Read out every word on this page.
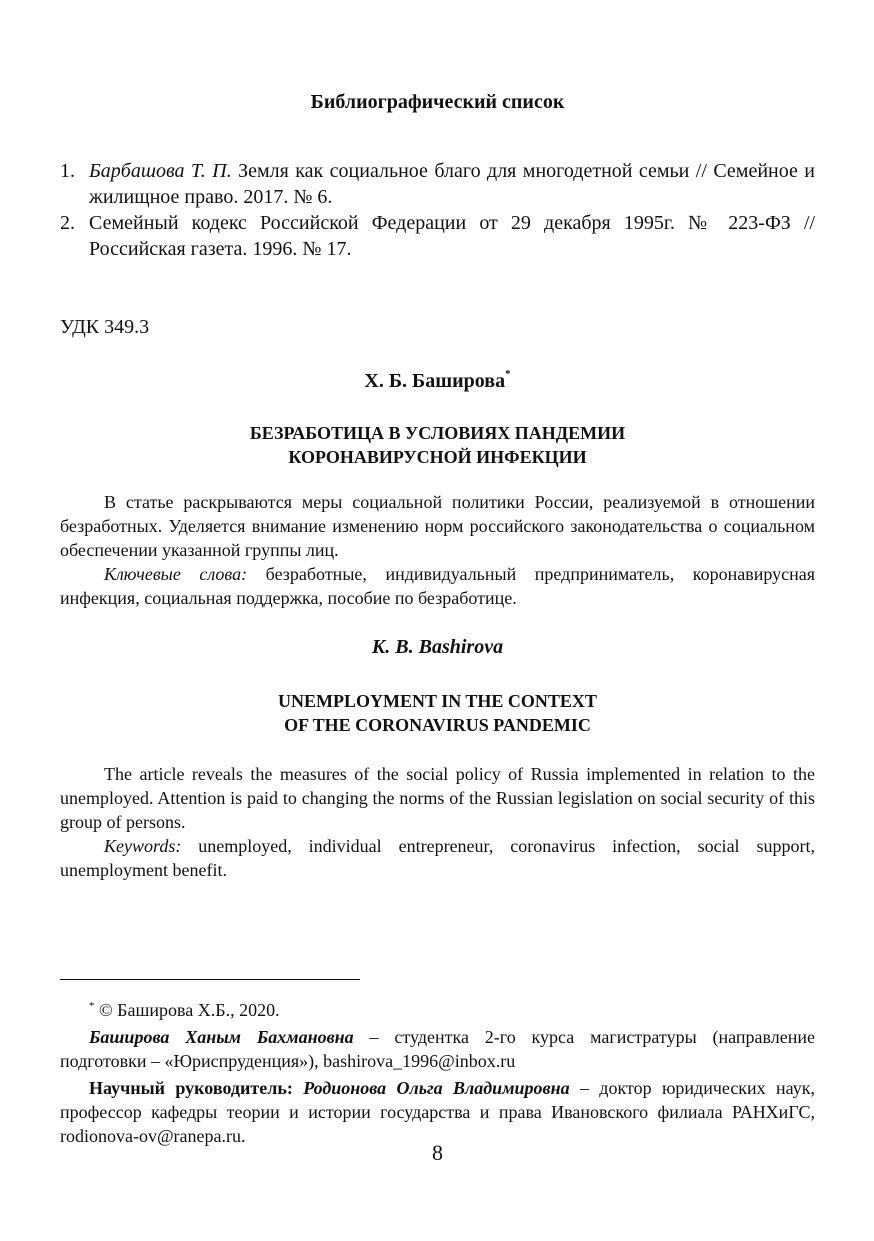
Библиографический список
1. Барбашова Т. П. Земля как социальное благо для многодетной семьи // Семейное и жилищное право. 2017. № 6.
2. Семейный кодекс Российской Федерации от 29 декабря 1995г. № 223-ФЗ // Российская газета. 1996. № 17.
УДК 349.3
Х. Б. Баширова*
БЕЗРАБОТИЦА В УСЛОВИЯХ ПАНДЕМИИ
КОРОНАВИРУСНОЙ ИНФЕКЦИИ

В статье раскрываются меры социальной политики России, реализуемой в отношении безработных. Уделяется внимание изменению норм российского законодательства о социальном обеспечении указанной группы лиц.

Ключевые слова: безработные, индивидуальный предприниматель, коронавирусная инфекция, социальная поддержка, пособие по безработице.

K. B. Bashirova
UNEMPLOYMENT IN THE CONTEXT
OF THE CORONAVIRUS PANDEMIC

The article reveals the measures of the social policy of Russia implemented in relation to the unemployed. Attention is paid to changing the norms of the Russian legislation on social security of this group of persons.

Keywords: unemployed, individual entrepreneur, coronavirus infection, social support, unemployment benefit.

* © Баширова Х.Б., 2020.

Баширова Ханым Бахмановна – студентка 2-го курса магистратуры (направление подготовки – «Юриспруденция»), bashirova_1996@inbox.ru

Научный руководитель: Родионова Ольга Владимировна – доктор юридических наук, профессор кафедры теории и истории государства и права Ивановского филиала РАНХиГС, rodionova-ov@ranepa.ru.

8
